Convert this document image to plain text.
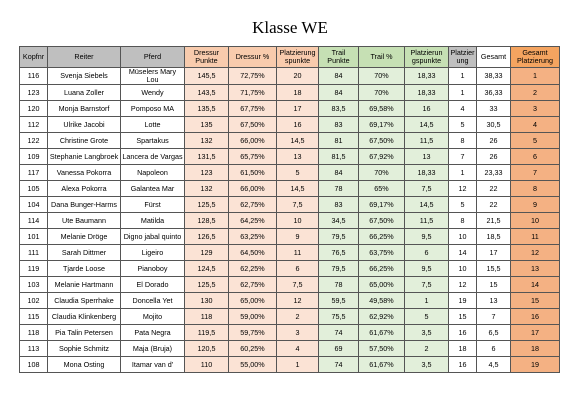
Klasse WE
Kopfnr	Reiter	Pferd	Dressur Punkte	Dressur %	Platzierung spunkte	Trail Punkte	Trail %	Platzierun gspunkte	Platzier ung	Gesamt	Gesamt Platzierung
116	Svenja Siebels	Müselers Mary Lou	145,5	72,75%	20	84	70%	18,33	1	38,33	1
123	Luana Zoller	Wendy	143,5	71,75%	18	84	70%	18,33	1	36,33	2
120	Monja Barnstorf	Pomposo MA	135,5	67,75%	17	83,5	69,58%	16	4	33	3
112	Ulrike Jacobi	Lotte	135	67,50%	16	83	69,17%	14,5	5	30,5	4
122	Christine Grote	Spartakus	132	66,00%	14,5	81	67,50%	11,5	8	26	5
109	Stephanie Langbroek	Lancera de Vargas	131,5	65,75%	13	81,5	67,92%	13	7	26	6
117	Vanessa Pokorra	Napoleon	123	61,50%	5	84	70%	18,33	1	23,33	7
105	Alexa Pokorra	Galantea Mar	132	66,00%	14,5	78	65%	7,5	12	22	8
104	Dana Bunger-Harms	Fürst	125,5	62,75%	7,5	83	69,17%	14,5	5	22	9
114	Ute Baumann	Matilda	128,5	64,25%	10	34,5	67,50%	11,5	8	21,5	10
101	Melanie Dröge	Digno jabal quinto	126,5	63,25%	9	79,5	66,25%	9,5	10	18,5	11
111	Sarah Dittmer	Ligeiro	129	64,50%	11	76,5	63,75%	6	14	17	12
119	Tjarde Loose	Pianoboy	124,5	62,25%	6	79,5	66,25%	9,5	10	15,5	13
103	Melanie Hartmann	El Dorado	125,5	62,75%	7,5	78	65,00%	7,5	12	15	14
102	Claudia Sperrhake	Doncella Yet	130	65,00%	12	59,5	49,58%	1	19	13	15
115	Claudia Klinkenberg	Mojito	118	59,00%	2	75,5	62,92%	5	15	7	16
118	Pia Talin Petersen	Pata Negra	119,5	59,75%	3	74	61,67%	3,5	16	6,5	17
113	Sophie Schmitz	Maja (Bruja)	120,5	60,25%	4	69	57,50%	2	18	6	18
108	Mona Osting	Itamar van d'	110	55,00%	1	74	61,67%	3,5	16	4,5	19
